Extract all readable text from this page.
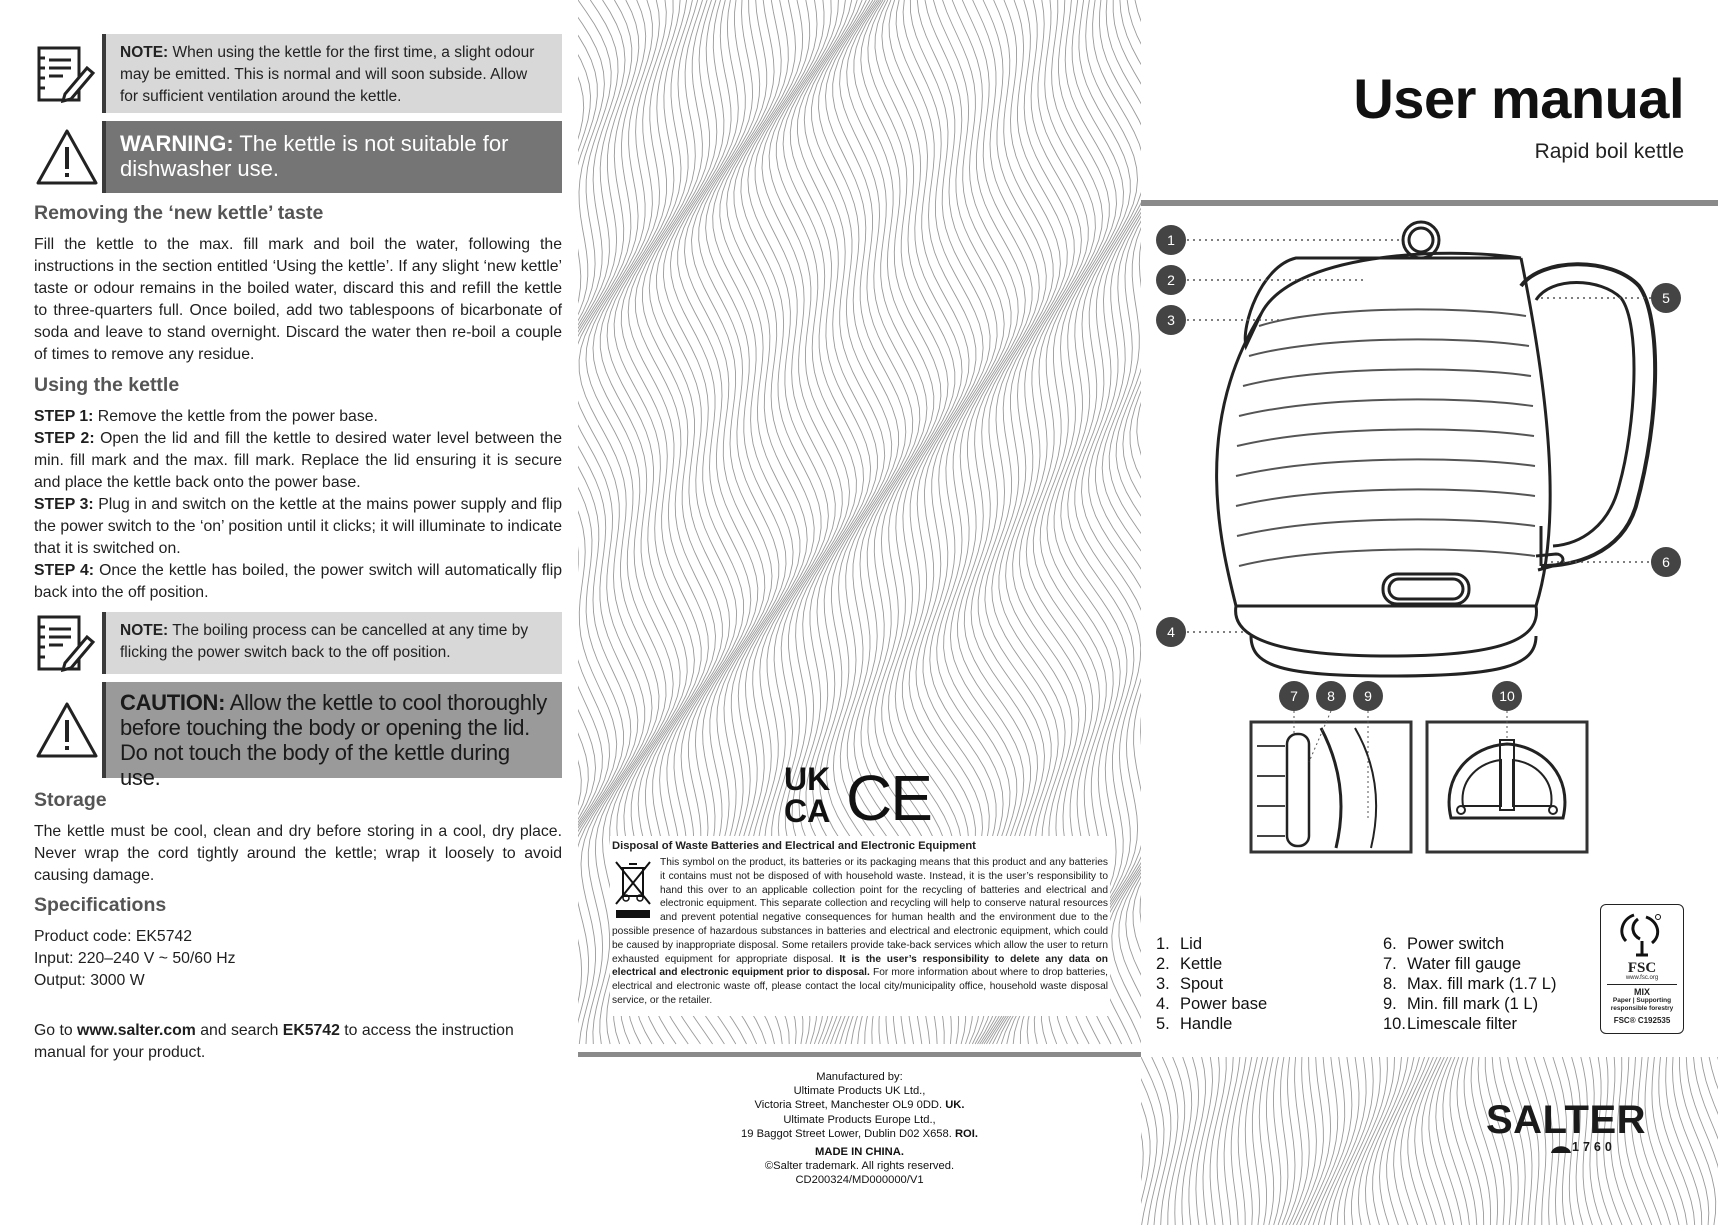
NOTE: When using the kettle for the first time, a slight odour may be emitted. This is normal and will soon subside. Allow for sufficient ventilation around the kettle.
WARNING: The kettle is not suitable for dishwasher use.
Removing the ‘new kettle’ taste
Fill the kettle to the max. fill mark and boil the water, following the instructions in the section entitled ‘Using the kettle’. If any slight ‘new kettle’ taste or odour remains in the boiled water, discard this and refill the kettle to three-quarters full. Once boiled, add two tablespoons of bicarbonate of soda and leave to stand overnight. Discard the water then re-boil a couple of times to remove any residue.
Using the kettle
STEP 1: Remove the kettle from the power base.
STEP 2: Open the lid and fill the kettle to desired water level between the min. fill mark and the max. fill mark. Replace the lid ensuring it is secure and place the kettle back onto the power base.
STEP 3: Plug in and switch on the kettle at the mains power supply and flip the power switch to the ‘on’ position until it clicks; it will illuminate to indicate that it is switched on.
STEP 4: Once the kettle has boiled, the power switch will automatically flip back into the off position.
NOTE: The boiling process can be cancelled at any time by flicking the power switch back to the off position.
CAUTION: Allow the kettle to cool thoroughly before touching the body or opening the lid. Do not touch the body of the kettle during use.
Storage
The kettle must be cool, clean and dry before storing in a cool, dry place. Never wrap the cord tightly around the kettle; wrap it loosely to avoid causing damage.
Specifications
Product code: EK5742
Input: 220–240 V ~ 50/60 Hz
Output: 3000 W
Go to www.salter.com and search EK5742 to access the instruction manual for your product.
UK
CA CE
Disposal of Waste Batteries and Electrical and Electronic Equipment
This symbol on the product, its batteries or its packaging means that this product and any batteries it contains must not be disposed of with household waste. Instead, it is the user’s responsibility to hand this over to an applicable collection point for the recycling of batteries and electrical and electronic equipment. This separate collection and recycling will help to conserve natural resources and prevent potential negative consequences for human health and the environment due to the possible presence of hazardous substances in batteries and electrical and electronic equipment, which could be caused by inappropriate disposal. Some retailers provide take-back services which allow the user to return exhausted equipment for appropriate disposal. It is the user’s responsibility to delete any data on electrical and electronic equipment prior to disposal. For more information about where to drop batteries, electrical and electronic waste off, please contact the local city/municipality office, household waste disposal service, or the retailer.
Manufactured by:
Ultimate Products UK Ltd.,
Victoria Street, Manchester OL9 0DD. UK.
Ultimate Products Europe Ltd.,
19 Baggot Street Lower, Dublin D02 X658. ROI.
MADE IN CHINA.
©Salter trademark. All rights reserved.
CD200324/MD000000/V1
User manual
Rapid boil kettle
1
2
3
4
5
6
7 8 9	10
1. Lid
2. Kettle
3. Spout
4. Power base
5. Handle
6. Power switch
7. Water fill gauge
8. Max. fill mark (1.7 L)
9. Min. fill mark (1 L)
10.Limescale filter
FSC
www.fsc.org
MIX
Paper | Supporting
responsible forestry
FSC® C192535
SALTER
1760
